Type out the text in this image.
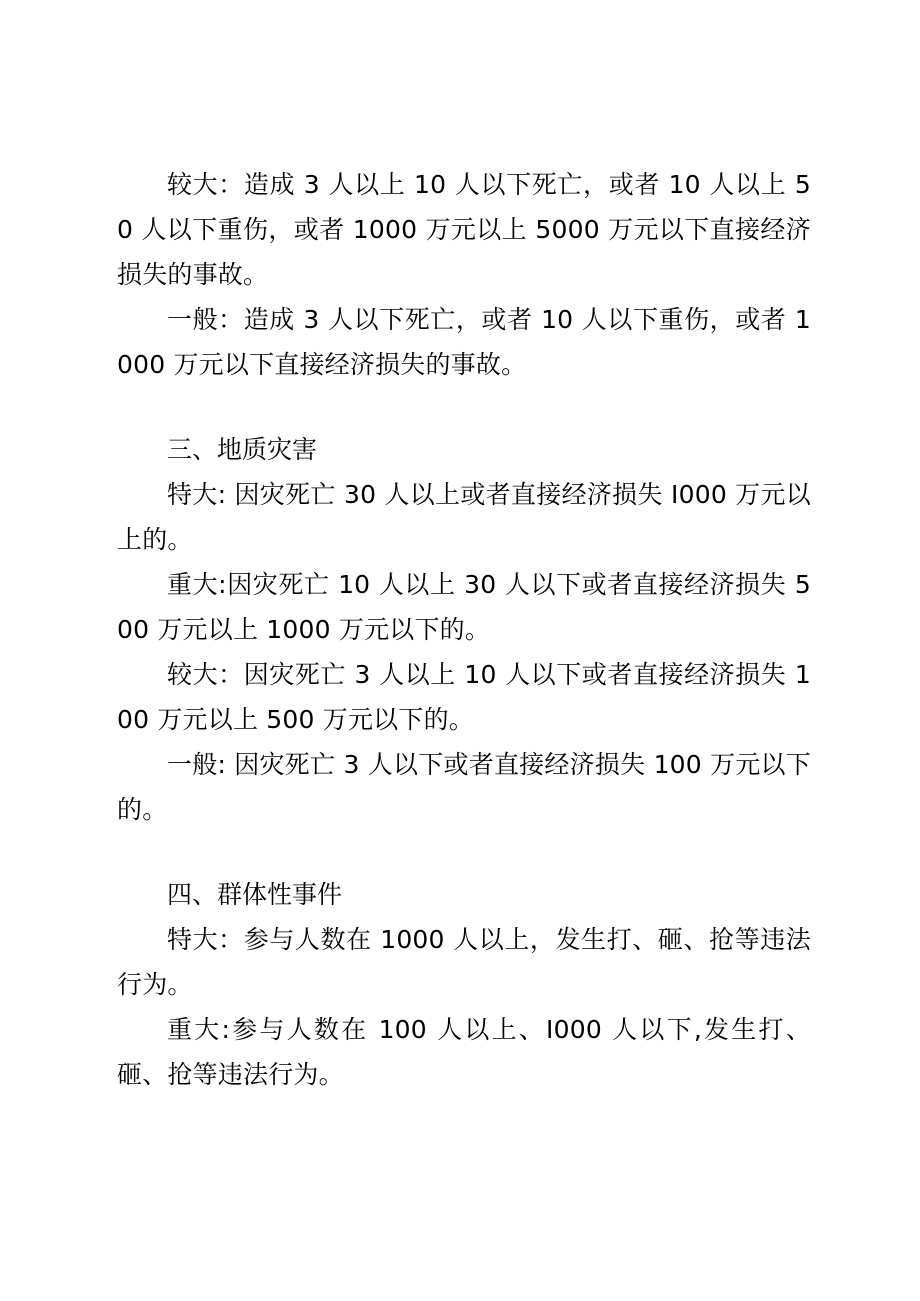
较大：造成 3 人以上 10 人以下死亡，或者 10 人以上 50 人以下重伤，或者 1000 万元以上 5000 万元以下直接经济损失的事故。

一般：造成 3 人以下死亡，或者 10 人以下重伤，或者 1000 万元以下直接经济损失的事故。

三、地质灾害

特大: 因灾死亡 30 人以上或者直接经济损失 I000 万元以上的。

重大:因灾死亡 10 人以上 30 人以下或者直接经济损失 500 万元以上 1000 万元以下的。

较大：因灾死亡 3 人以上 10 人以下或者直接经济损失 100 万元以上 500 万元以下的。

一般: 因灾死亡 3 人以下或者直接经济损失 100 万元以下的。

四、群体性事件

特大：参与人数在 1000 人以上，发生打、砸、抢等违法行为。

重大:参与人数在 100 人以上、I000 人以下,发生打、砸、抢等违法行为。
